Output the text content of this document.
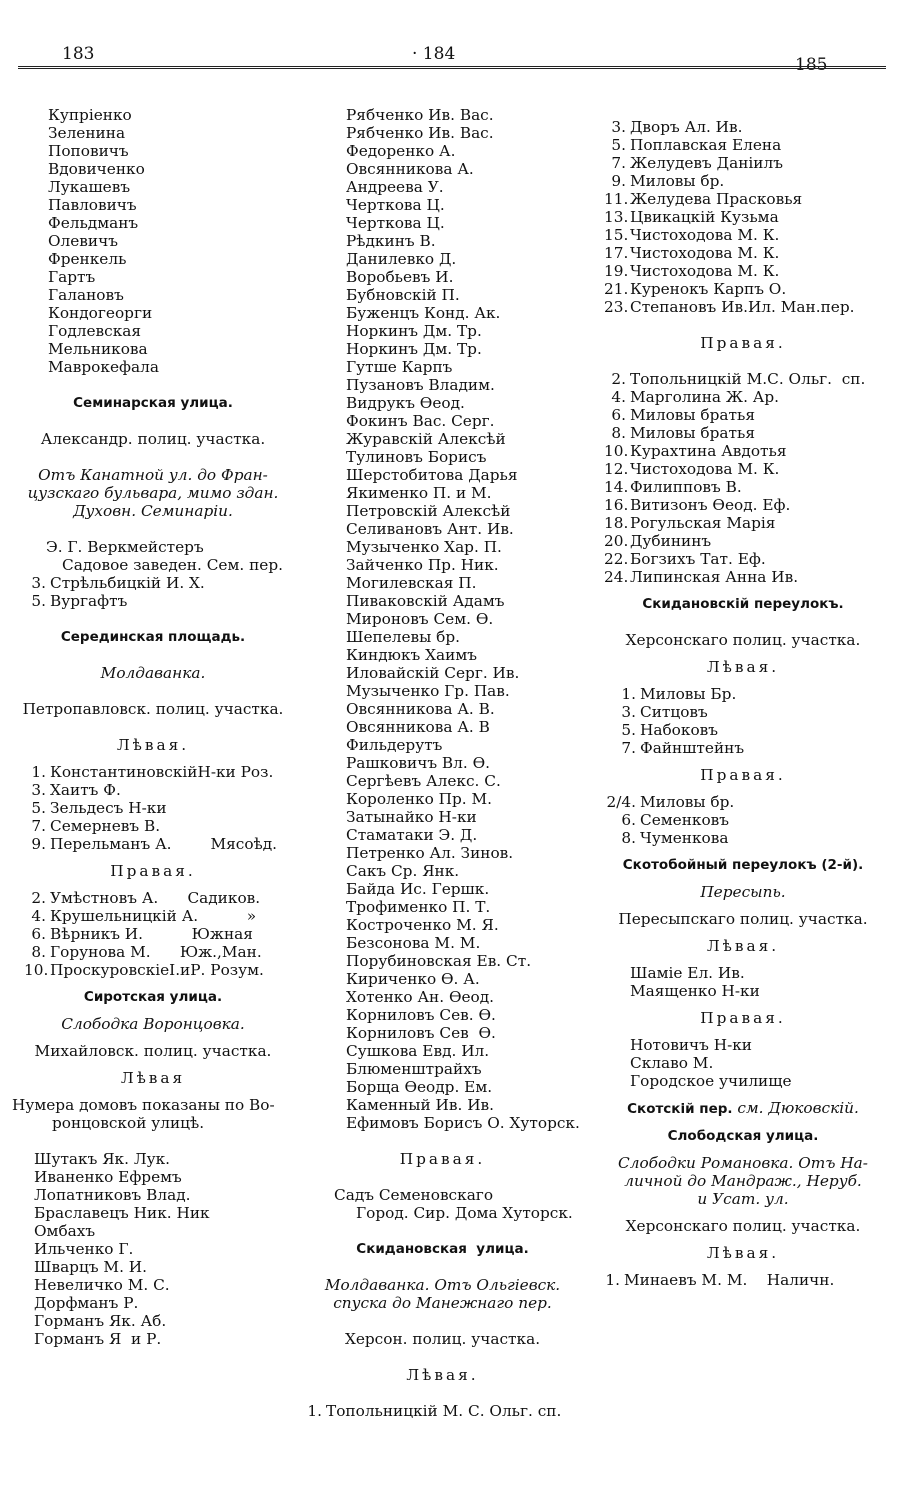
183	· 184
185
Купріенко
Зеленина
Поповичъ
Вдовиченко
Лукашевъ
Павловичъ
Фельдманъ
Олевичъ
Френкель
Гартъ
Галановъ
Кондогеорги
Годлевская
Мельникова
Маврокефала
Семинарская улица.
Александр. полиц. участка.
Отъ Канатной ул. до Фран-
цузскаго бульвара, мимо здан.
Духовн. Семинаріи.
Э. Г. Веркмейстеръ
Садовое заведен. Сем. пер.
3. Стрѣльбицкій И. Х.
5. Вургафтъ
Серединская площадь.
Молдаванка.
Петропавловск. полиц. участка.
Лѣвая.
1. КонстантиновскійН-ки Роз.
3. Хаитъ Ф.
5. Зельдесъ Н-ки
7. Семерневъ В.
9. Перельманъ А.        Мясоѣд.
Правая.
2. Умѣстновъ А.      Садиков.
4. Крушельницкій А.          »
6. Вѣрникъ И.          Южная
8. Горунова М.      Юж.,Ман.
10. ПроскуровскіеІ.иР. Розум.
Сиротская улица.
Слободка Воронцовка.
Михайловск. полиц. участка.
Лѣвая
Нумера домовъ показаны по Во-
ронцовской улицѣ.
Шутакъ Як. Лук.
Иваненко Ефремъ
Лопатниковъ Влад.
Браславецъ Ник. Ник
Омбахъ
Ильченко Г.
Шварцъ М. И.
Невеличко М. С.
Дорфманъ Р.
Горманъ Як. Аб.
Горманъ Я  и Р.
Рябченко Ив. Вас.
Рябченко Ив. Вас.
Федоренко А.
Овсянникова А.
Андреева У.
Черткова Ц.
Черткова Ц.
Рѣдкинъ В.
Данилевко Д.
Воробьевъ И.
Бубновскій П.
Буженцъ Конд. Ак.
Норкинъ Дм. Тр.
Норкинъ Дм. Тр.
Гутше Карпъ
Пузановъ Владим.
Видрукъ Ѳеод.
Фокинъ Вас. Серг.
Журавскій Алексѣй
Тулиновъ Борисъ
Шерстобитова Дарья
Якименко П. и М.
Петровскій Алексѣй
Селивановъ Ант. Ив.
Музыченко Хар. П.
Зайченко Пр. Ник.
Могилевская П.
Пиваковскій Адамъ
Мироновъ Сем. Ѳ.
Шепелевы бр.
Киндюкъ Хаимъ
Иловайскій Серг. Ив.
Музыченко Гр. Пав.
Овсянникова А. В.
Овсянникова А. В
Фильдерутъ
Рашковичъ Вл. Ѳ.
Сергѣевъ Алекс. С.
Короленко Пр. М.
Затынайко Н-ки
Стаматаки Э. Д.
Петренко Ал. Зинов.
Сакъ Ср. Янк.
Байда Ис. Гершк.
Трофименко П. Т.
Костроченко М. Я.
Безсонова М. М.
Порубиновская Ев. Ст.
Кириченко Ѳ. А.
Хотенко Ан. Ѳеод.
Корниловъ Сев. Ѳ.
Корниловъ Сев  Ѳ.
Сушкова Евд. Ил.
Блюменштрайхъ
Борща Ѳеодр. Ем.
Каменный Ив. Ив.
Ефимовъ Борисъ О. Хуторск.
Правая.
Садъ Семеновскаго
Город. Сир. Дома Хуторск.
Скидановская  улица.
Молдаванка. Отъ Ольгіевск.
спуска до Манежнаго пер.
Херсон. полиц. участка.
Лѣвая.
1. Топольницкій М. С. Ольг. сп.
3. Дворъ Ал. Ив.
5. Поплавская Елена
7. Желудевъ Даніилъ
9. Миловы бр.
11. Желудева Прасковья
13. Цвикацкій Кузьма
15. Чистоходова М. К.
17. Чистоходова М. К.
19. Чистоходова М. К.
21. Куренокъ Карпъ О.
23. Степановъ Ив.Ил. Ман.пер.
Правая.
2. Топольницкій М.С. Ольг.  сп.
4. Марголина Ж. Ар.
6. Миловы братья
8. Миловы братья
10. Курахтина Авдотья
12. Чистоходова М. К.
14. Филипповъ В.
16. Витизонъ Ѳеод. Еф.
18. Рогульская Марія
20. Дубининъ
22. Богзихъ Тат. Еф.
24. Липинская Анна Ив.
Скидановскій переулокъ.
Херсонскаго полиц. участка.
Лѣвая.
1. Миловы Бр.
3. Ситцовъ
5. Набоковъ
7. Файнштейнъ
Правая.
2/4. Миловы бр.
6. Семенковъ
8. Чуменкова
Скотобойный переулокъ (2-й).
Пересыпь.
Пересыпскаго полиц. участка.
Лѣвая.
Шаміе Ел. Ив.
Маященко Н-ки
Правая.
Нотовичъ Н-ки
Склаво М.
Городское училище
Скотскій пер. см. Дюковскій.
Слободская улица.
Слободки Романовка. Отъ На-
личной до Мандраж., Неруб.
и Усат. ул.
Херсонскаго полиц. участка.
Лѣвая.
1. Минаевъ М. М.    Наличн.
